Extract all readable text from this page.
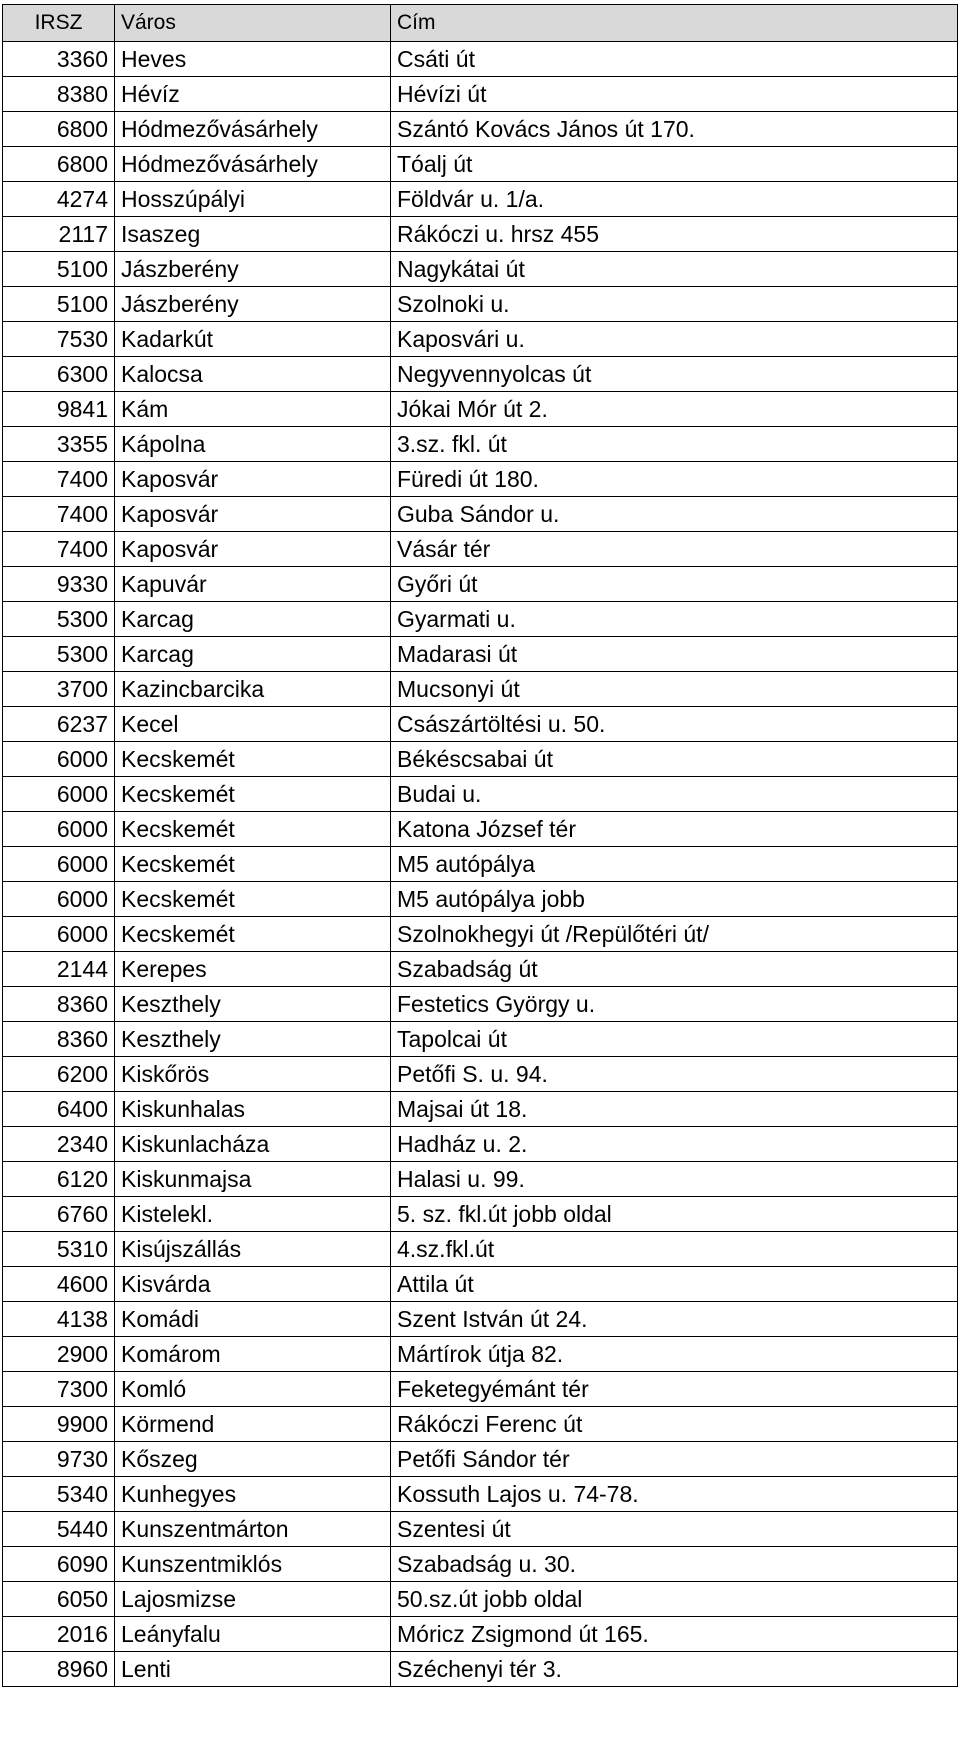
IRSZ	Város	Cím
3360	Heves	Csáti út
8380	Hévíz	Hévízi út
6800	Hódmezővásárhely	Szántó Kovács János út 170.
6800	Hódmezővásárhely	Tóalj út
4274	Hosszúpályi	Földvár u. 1/a.
2117	Isaszeg	Rákóczi u. hrsz 455
5100	Jászberény	Nagykátai út
5100	Jászberény	Szolnoki u.
7530	Kadarkút	Kaposvári u.
6300	Kalocsa	Negyvennyolcas út
9841	Kám	Jókai Mór út 2.
3355	Kápolna	3.sz. fkl. út
7400	Kaposvár	Füredi út 180.
7400	Kaposvár	Guba Sándor u.
7400	Kaposvár	Vásár tér
9330	Kapuvár	Győri út
5300	Karcag	Gyarmati u.
5300	Karcag	Madarasi út
3700	Kazincbarcika	Mucsonyi út
6237	Kecel	Császártöltési u. 50.
6000	Kecskemét	Békéscsabai út
6000	Kecskemét	Budai u.
6000	Kecskemét	Katona József tér
6000	Kecskemét	M5 autópálya
6000	Kecskemét	M5 autópálya jobb
6000	Kecskemét	Szolnokhegyi út /Repülőtéri út/
2144	Kerepes	Szabadság út
8360	Keszthely	Festetics György u.
8360	Keszthely	Tapolcai út
6200	Kiskőrös	Petőfi S. u. 94.
6400	Kiskunhalas	Majsai út 18.
2340	Kiskunlacháza	Hadház u. 2.
6120	Kiskunmajsa	Halasi u. 99.
6760	Kistelekl.	5. sz. fkl.út jobb oldal
5310	Kisújszállás	4.sz.fkl.út
4600	Kisvárda	Attila út
4138	Komádi	Szent István út 24.
2900	Komárom	Mártírok útja 82.
7300	Komló	Feketegyémánt tér
9900	Körmend	Rákóczi Ferenc út
9730	Kőszeg	Petőfi Sándor tér
5340	Kunhegyes	Kossuth Lajos u. 74-78.
5440	Kunszentmárton	Szentesi út
6090	Kunszentmiklós	Szabadság u. 30.
6050	Lajosmizse	50.sz.út jobb oldal
2016	Leányfalu	Móricz Zsigmond út 165.
8960	Lenti	Széchenyi tér 3.
